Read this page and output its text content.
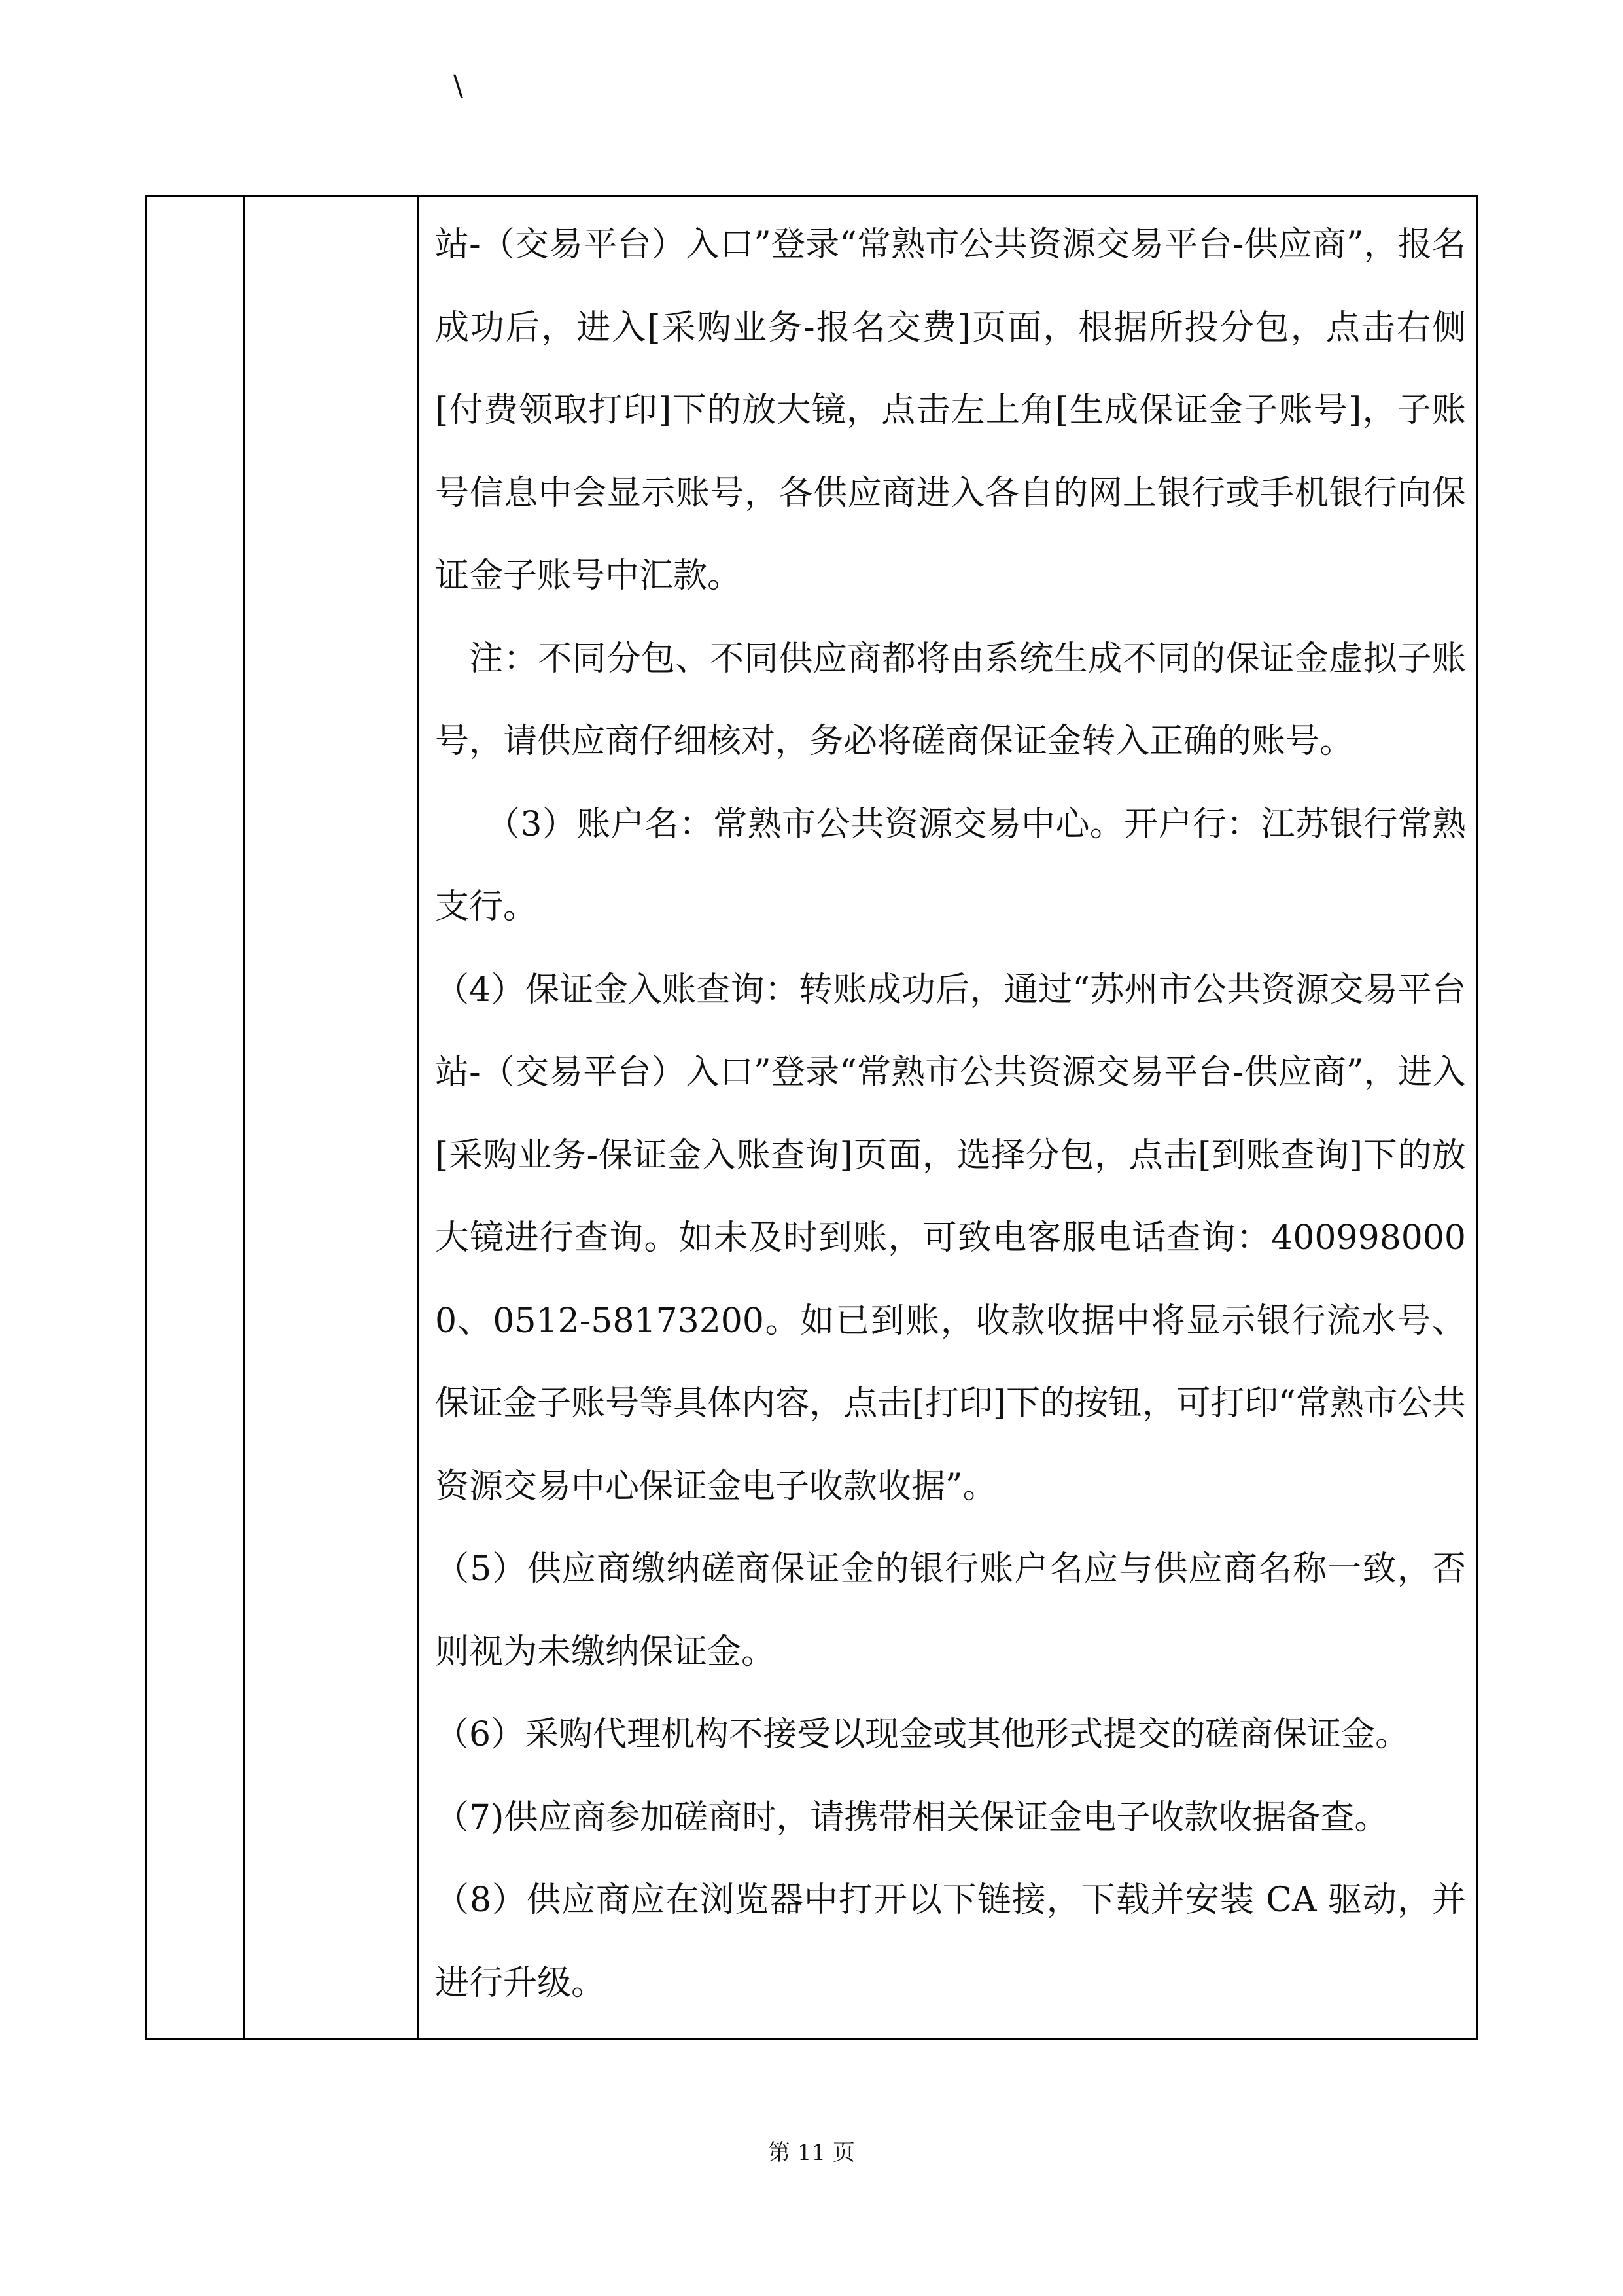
\

站-（交易平台）入口”登录“常熟市公共资源交易平台-供应商”，报名成功后，进入[采购业务-报名交费]页面，根据所投分包，点击右侧[付费领取打印]下的放大镜，点击左上角[生成保证金子账号]，子账号信息中会显示账号，各供应商进入各自的网上银行或手机银行向保证金子账号中汇款。

注：不同分包、不同供应商都将由系统生成不同的保证金虚拟子账号，请供应商仔细核对，务必将磋商保证金转入正确的账号。

（3）账户名：常熟市公共资源交易中心。开户行：江苏银行常熟支行。

（4）保证金入账查询：转账成功后，通过“苏州市公共资源交易平台站-（交易平台）入口”登录“常熟市公共资源交易平台-供应商”，进入[采购业务-保证金入账查询]页面，选择分包，点击[到账查询]下的放大镜进行查询。如未及时到账，可致电客服电话查询：4009980000、0512-58173200。如已到账，收款收据中将显示银行流水号、保证金子账号等具体内容，点击[打印]下的按钮，可打印“常熟市公共资源交易中心保证金电子收款收据”。

（5）供应商缴纳磋商保证金的银行账户名应与供应商名称一致，否则视为未缴纳保证金。

（6）采购代理机构不接受以现金或其他形式提交的磋商保证金。

（7)供应商参加磋商时，请携带相关保证金电子收款收据备查。

（8）供应商应在浏览器中打开以下链接，下载并安装 CA 驱动，并进行升级。

第 11 页
